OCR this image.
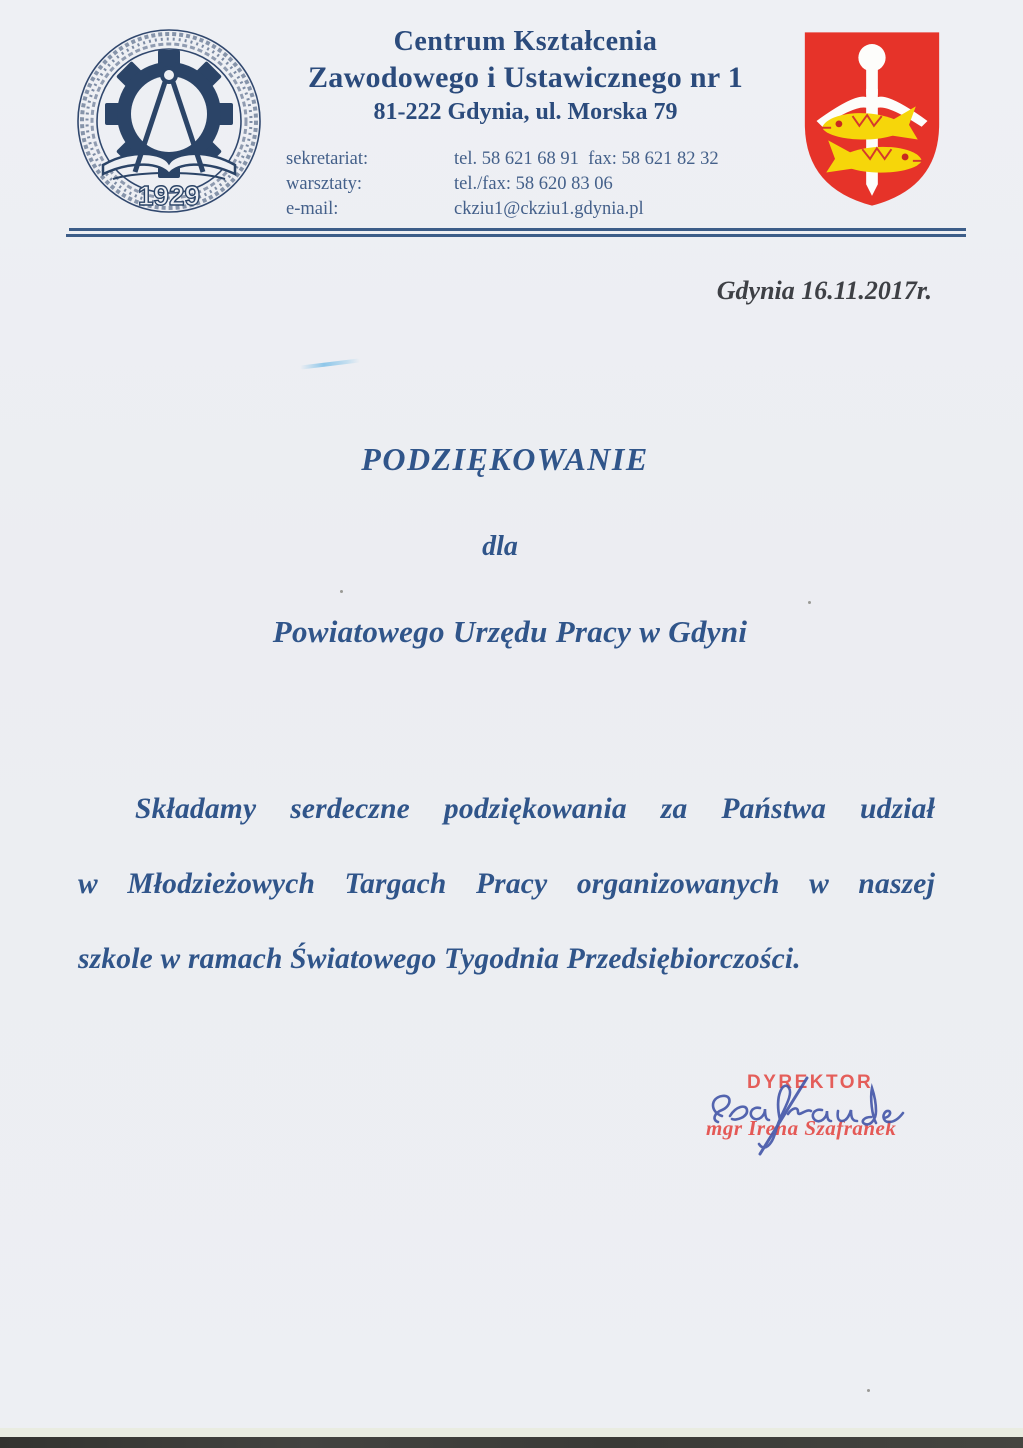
1929
Centrum Kształcenia
Zawodowego i Ustawicznego nr 1
81-222 Gdynia, ul. Morska 79
sekretariat:	tel. 58 621 68 91  fax: 58 621 82 32
warsztaty:	tel./fax: 58 620 83 06
e-mail:	ckziu1@ckziu1.gdynia.pl
Gdynia 16.11.2017r.
PODZIĘKOWANIE
dla
Powiatowego Urzędu Pracy w Gdyni
Składamy serdeczne podziękowania za Państwa udział
w Młodzieżowych Targach Pracy organizowanych w naszej
szkole w ramach Światowego Tygodnia Przedsiębiorczości.
DYREKTOR
mgr Irena Szafranek
